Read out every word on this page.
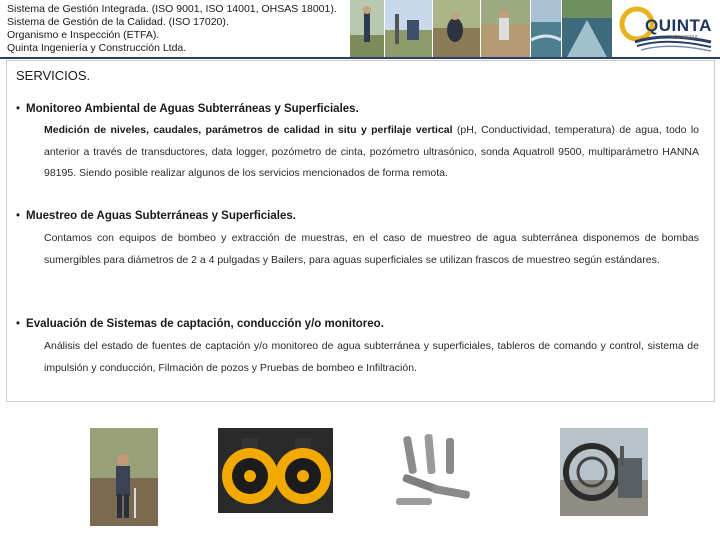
Sistema de Gestión Integrada. (ISO 9001, ISO 14001, OHSAS 18001).
Sistema de Gestión de la Calidad. (ISO 17020).
Organismo e Inspección (ETFA).
Quinta Ingeniería y Construcción Ltda.
QUINTA
INGENIERIA
SERVICIOS.
• Monitoreo Ambiental de Aguas Subterráneas y Superficiales.
Medición de niveles, caudales, parámetros de calidad in situ y perfilaje vertical (pH, Conductividad, temperatura) de agua, todo lo anterior a través de transductores, data logger, pozómetro de cinta, pozómetro ultrasónico, sonda Aquatroll 9500, multiparámetro HANNA 98195. Siendo posible realizar algunos de los servicios mencionados de forma remota.
• Muestreo de Aguas Subterráneas y Superficiales.
Contamos con equipos de bombeo y extracción de muestras, en el caso de muestreo de agua subterránea disponemos de bombas sumergibles para diámetros de 2 a 4 pulgadas y Bailers, para aguas superficiales se utilizan frascos de muestreo según estándares.
• Evaluación de Sistemas de captación, conducción y/o monitoreo.
Análisis del estado de fuentes de captación y/o monitoreo de agua subterránea y superficiales, tableros de comando y control, sistema de impulsión y conducción, Filmación de pozos y Pruebas de bombeo e Infiltración.
